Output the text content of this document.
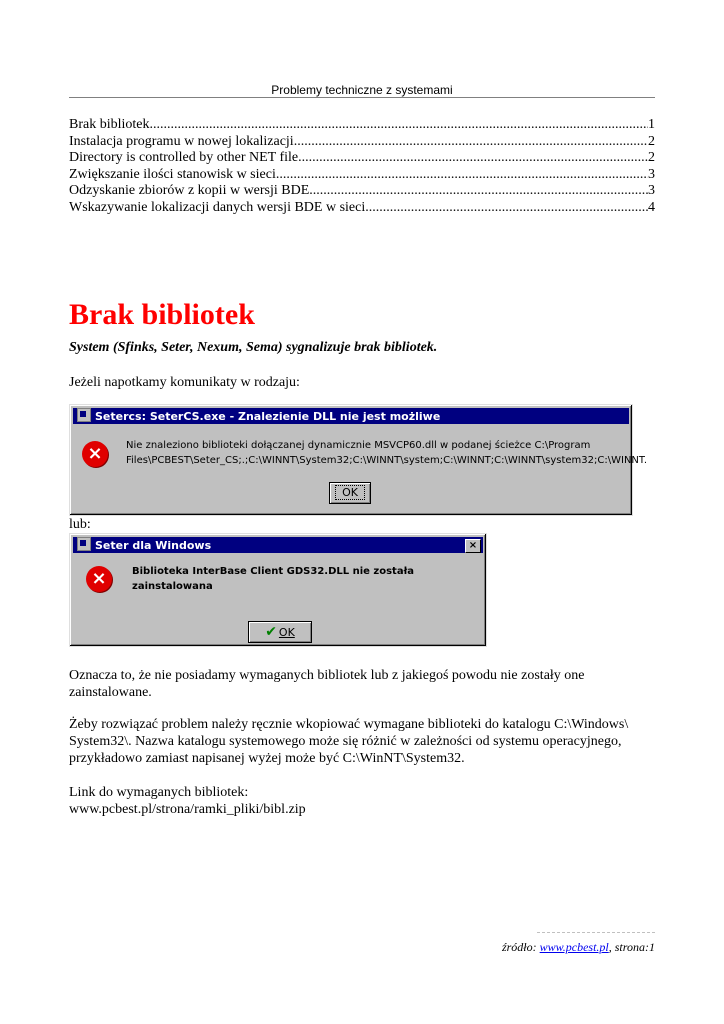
Problemy techniczne z systemami
Brak bibliotek .....	1
Instalacja programu w nowej lokalizacji .....	2
Directory is controlled by other NET file .....	2
Zwiększanie ilości stanowisk w sieci .....	3
Odzyskanie zbiorów z kopii w wersji BDE .....	3
Wskazywanie lokalizacji danych wersji BDE w sieci .....	4
Brak bibliotek
System (Sfinks, Seter, Nexum, Sema) sygnalizuje brak bibliotek.
Jeżeli napotkamy komunikaty w rodzaju:
Setercs: SeterCS.exe - Znalezienie DLL nie jest możliwe
×	Nie znaleziono biblioteki dołączanej dynamicznie MSVCP60.dll w podanej ścieżce C:\Program
Files\PCBEST\Seter_CS;.;C:\WINNT\System32;C:\WINNT\system;C:\WINNT;C:\WINNT\system32;C:\WINNT.
OK
lub:
Seter dla Windows	×
×	Biblioteka InterBase Client GDS32.DLL nie została zainstalowana
✔ OK
Oznacza to, że nie posiadamy wymaganych bibliotek lub z jakiegoś powodu nie zostały one zainstalowane.
Żeby rozwiązać problem należy ręcznie wkopiować wymagane biblioteki do katalogu C:\Windows\ System32\. Nazwa katalogu systemowego może się różnić w zależności od systemu operacyjnego, przykładowo zamiast napisanej wyżej może być C:\WinNT\System32.
Link do wymaganych bibliotek:
www.pcbest.pl/strona/ramki_pliki/bibl.zip
źródło: www.pcbest.pl, strona:1
